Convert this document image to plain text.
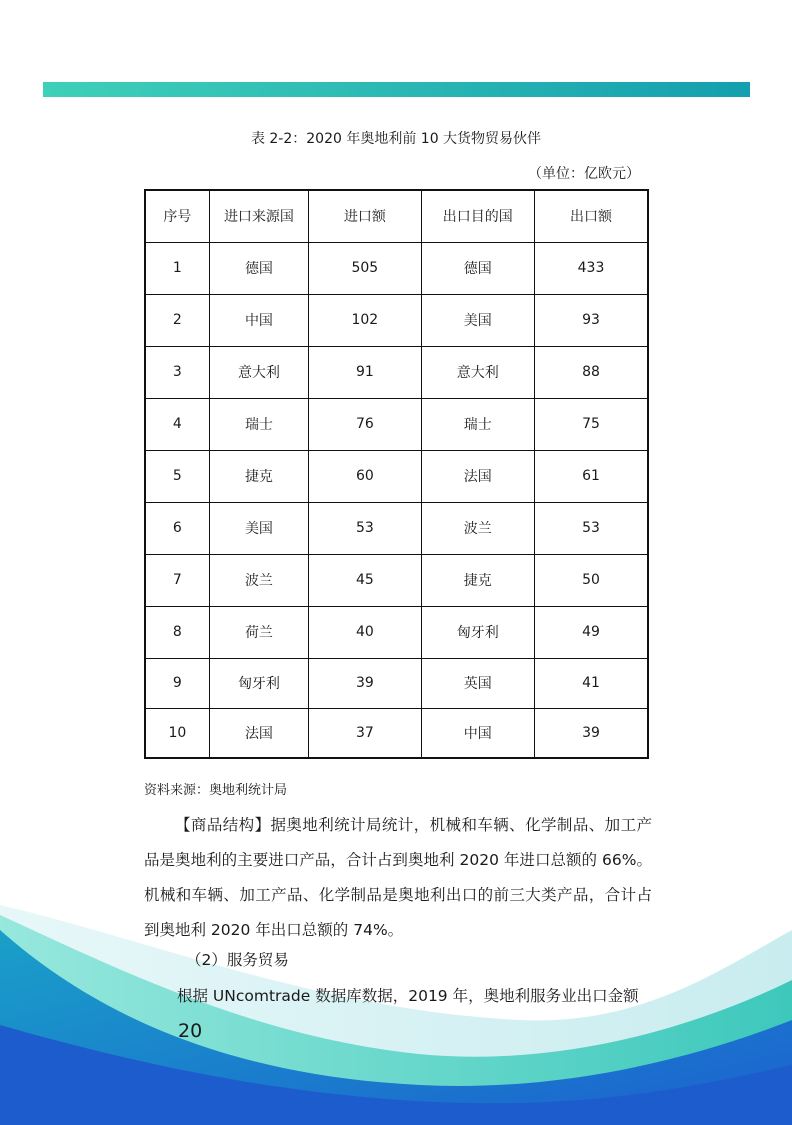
表 2-2：2020 年奥地利前 10 大货物贸易伙伴
（单位：亿欧元）
序号	进口来源国	进口额	出口目的国	出口额
1	德国	505	德国	433
2	中国	102	美国	93
3	意大利	91	意大利	88
4	瑞士	76	瑞士	75
5	捷克	60	法国	61
6	美国	53	波兰	53
7	波兰	45	捷克	50
8	荷兰	40	匈牙利	49
9	匈牙利	39	英国	41
10	法国	37	中国	39
资料来源：奥地利统计局

【商品结构】据奥地利统计局统计，机械和车辆、化学制品、加工产品是奥地利的主要进口产品，合计占到奥地利 2020 年进口总额的 66%。机械和车辆、加工产品、化学制品是奥地利出口的前三大类产品，合计占到奥地利 2020 年出口总额的 74%。

（2）服务贸易
根据 UNcomtrade 数据库数据，2019 年，奥地利服务业出口金额
20
